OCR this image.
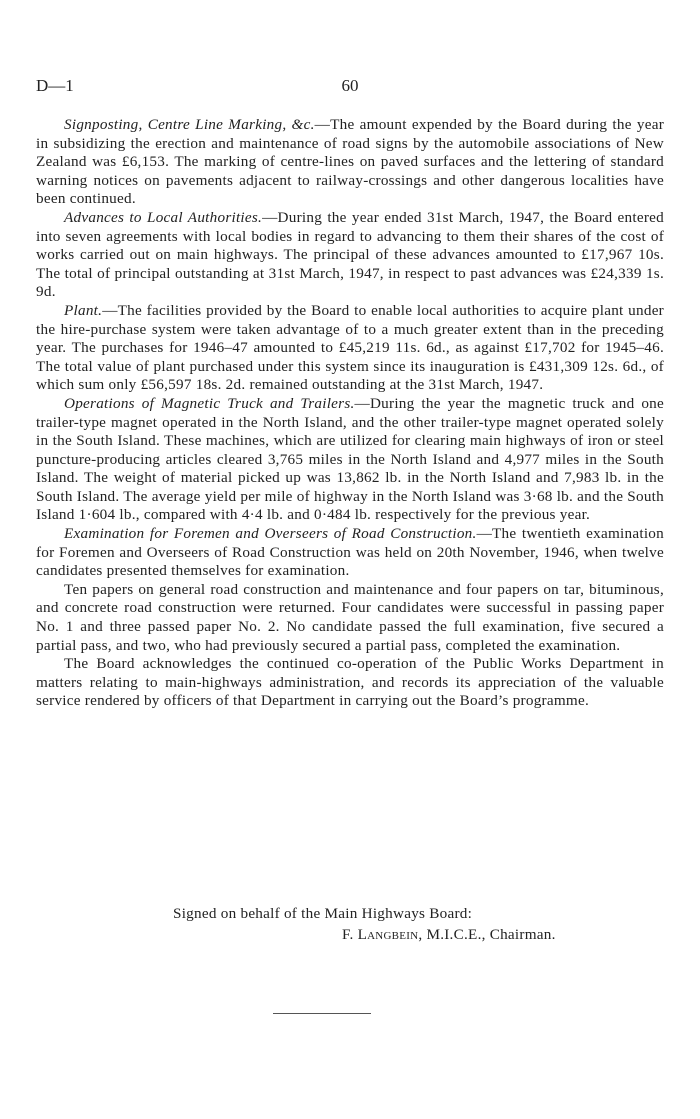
D—1	60

Signposting, Centre Line Marking, &c.—The amount expended by the Board during the year in subsidizing the erection and maintenance of road signs by the automobile associations of New Zealand was £6,153. The marking of centre-lines on paved surfaces and the lettering of standard warning notices on pavements adjacent to railway-crossings and other dangerous localities have been continued.

Advances to Local Authorities.—During the year ended 31st March, 1947, the Board entered into seven agreements with local bodies in regard to advancing to them their shares of the cost of works carried out on main highways. The principal of these advances amounted to £17,967 10s. The total of principal outstanding at 31st March, 1947, in respect to past advances was £24,339 1s. 9d.

Plant.—The facilities provided by the Board to enable local authorities to acquire plant under the hire-purchase system were taken advantage of to a much greater extent than in the preceding year. The purchases for 1946–47 amounted to £45,219 11s. 6d., as against £17,702 for 1945–46. The total value of plant purchased under this system since its inauguration is £431,309 12s. 6d., of which sum only £56,597 18s. 2d. remained outstanding at the 31st March, 1947.

Operations of Magnetic Truck and Trailers.—During the year the magnetic truck and one trailer-type magnet operated in the North Island, and the other trailer-type magnet operated solely in the South Island. These machines, which are utilized for clearing main highways of iron or steel puncture-producing articles cleared 3,765 miles in the North Island and 4,977 miles in the South Island. The weight of material picked up was 13,862 lb. in the North Island and 7,983 lb. in the South Island. The average yield per mile of highway in the North Island was 3·68 lb. and the South Island 1·604 lb., compared with 4·4 lb. and 0·484 lb. respectively for the previous year.

Examination for Foremen and Overseers of Road Construction.—The twentieth examination for Foremen and Overseers of Road Construction was held on 20th November, 1946, when twelve candidates presented themselves for examination.

Ten papers on general road construction and maintenance and four papers on tar, bituminous, and concrete road construction were returned. Four candidates were successful in passing paper No. 1 and three passed paper No. 2. No candidate passed the full examination, five secured a partial pass, and two, who had previously secured a partial pass, completed the examination.

The Board acknowledges the continued co-operation of the Public Works Department in matters relating to main-highways administration, and records its appreciation of the valuable service rendered by officers of that Department in carrying out the Board’s programme.

Signed on behalf of the Main Highways Board:
F. Langbein, M.I.C.E., Chairman.
